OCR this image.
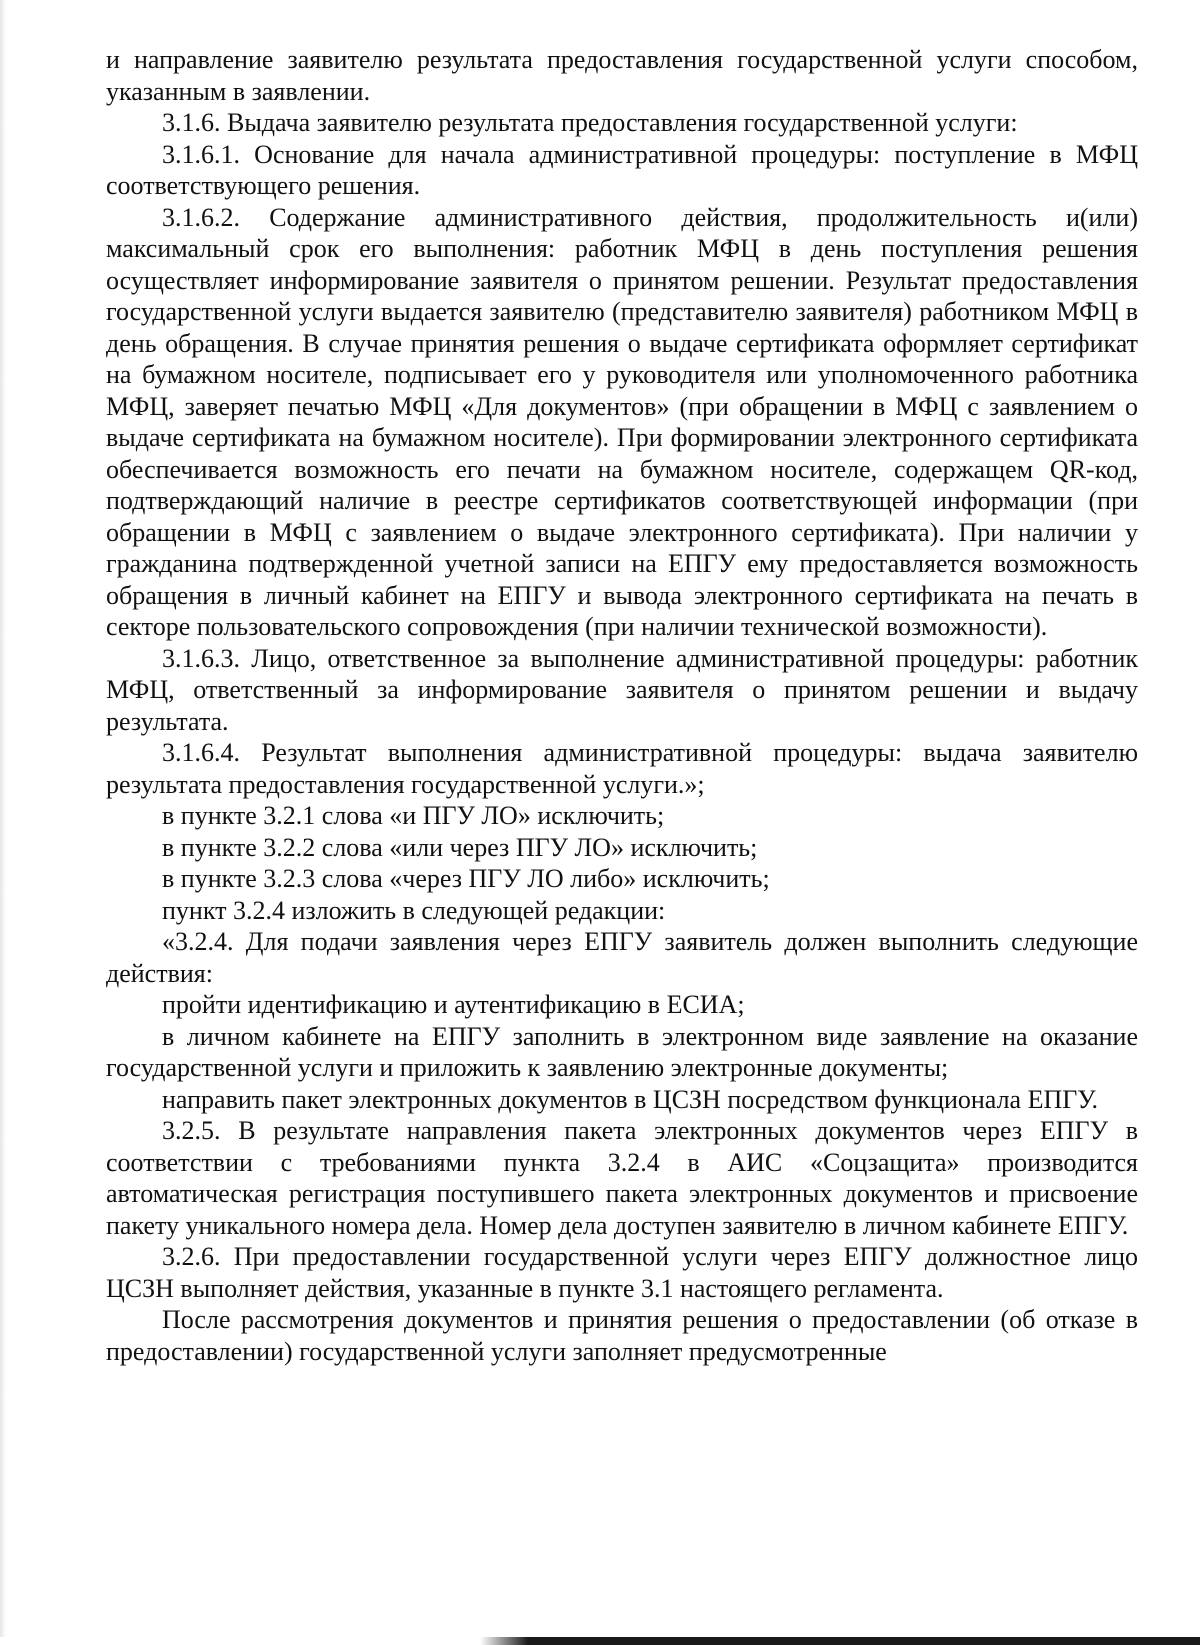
и направление заявителю результата предоставления государственной услуги способом, указанным в заявлении.

3.1.6. Выдача заявителю результата предоставления государственной услуги:

3.1.6.1. Основание для начала административной процедуры: поступление в МФЦ соответствующего решения.

3.1.6.2. Содержание административного действия, продолжительность и(или) максимальный срок его выполнения: работник МФЦ в день поступления решения осуществляет информирование заявителя о принятом решении. Результат предоставления государственной услуги выдается заявителю (представителю заявителя) работником МФЦ в день обращения. В случае принятия решения о выдаче сертификата оформляет сертификат на бумажном носителе, подписывает его у руководителя или уполномоченного работника МФЦ, заверяет печатью МФЦ «Для документов» (при обращении в МФЦ с заявлением о выдаче сертификата на бумажном носителе). При формировании электронного сертификата обеспечивается возможность его печати на бумажном носителе, содержащем QR-код, подтверждающий наличие в реестре сертификатов соответствующей информации (при обращении в МФЦ с заявлением о выдаче электронного сертификата). При наличии у гражданина подтвержденной учетной записи на ЕПГУ ему предоставляется возможность обращения в личный кабинет на ЕПГУ и вывода электронного сертификата на печать в секторе пользовательского сопровождения (при наличии технической возможности).

3.1.6.3. Лицо, ответственное за выполнение административной процедуры: работник МФЦ, ответственный за информирование заявителя о принятом решении и выдачу результата.

3.1.6.4. Результат выполнения административной процедуры: выдача заявителю результата предоставления государственной услуги.»;

в пункте 3.2.1 слова «и ПГУ ЛО» исключить;

в пункте 3.2.2 слова «или через ПГУ ЛО» исключить;

в пункте 3.2.3 слова «через ПГУ ЛО либо» исключить;

пункт 3.2.4 изложить в следующей редакции:

«3.2.4. Для подачи заявления через ЕПГУ заявитель должен выполнить следующие действия:

пройти идентификацию и аутентификацию в ЕСИА;

в личном кабинете на ЕПГУ заполнить в электронном виде заявление на оказание государственной услуги и приложить к заявлению электронные документы;

направить пакет электронных документов в ЦСЗН посредством функционала ЕПГУ.

3.2.5. В результате направления пакета электронных документов через ЕПГУ в соответствии с требованиями пункта 3.2.4 в АИС «Соцзащита» производится автоматическая регистрация поступившего пакета электронных документов и присвоение пакету уникального номера дела. Номер дела доступен заявителю в личном кабинете ЕПГУ.

3.2.6. При предоставлении государственной услуги через ЕПГУ должностное лицо ЦСЗН выполняет действия, указанные в пункте 3.1 настоящего регламента.

После рассмотрения документов и принятия решения о предоставлении (об отказе в предоставлении) государственной услуги заполняет предусмотренные
